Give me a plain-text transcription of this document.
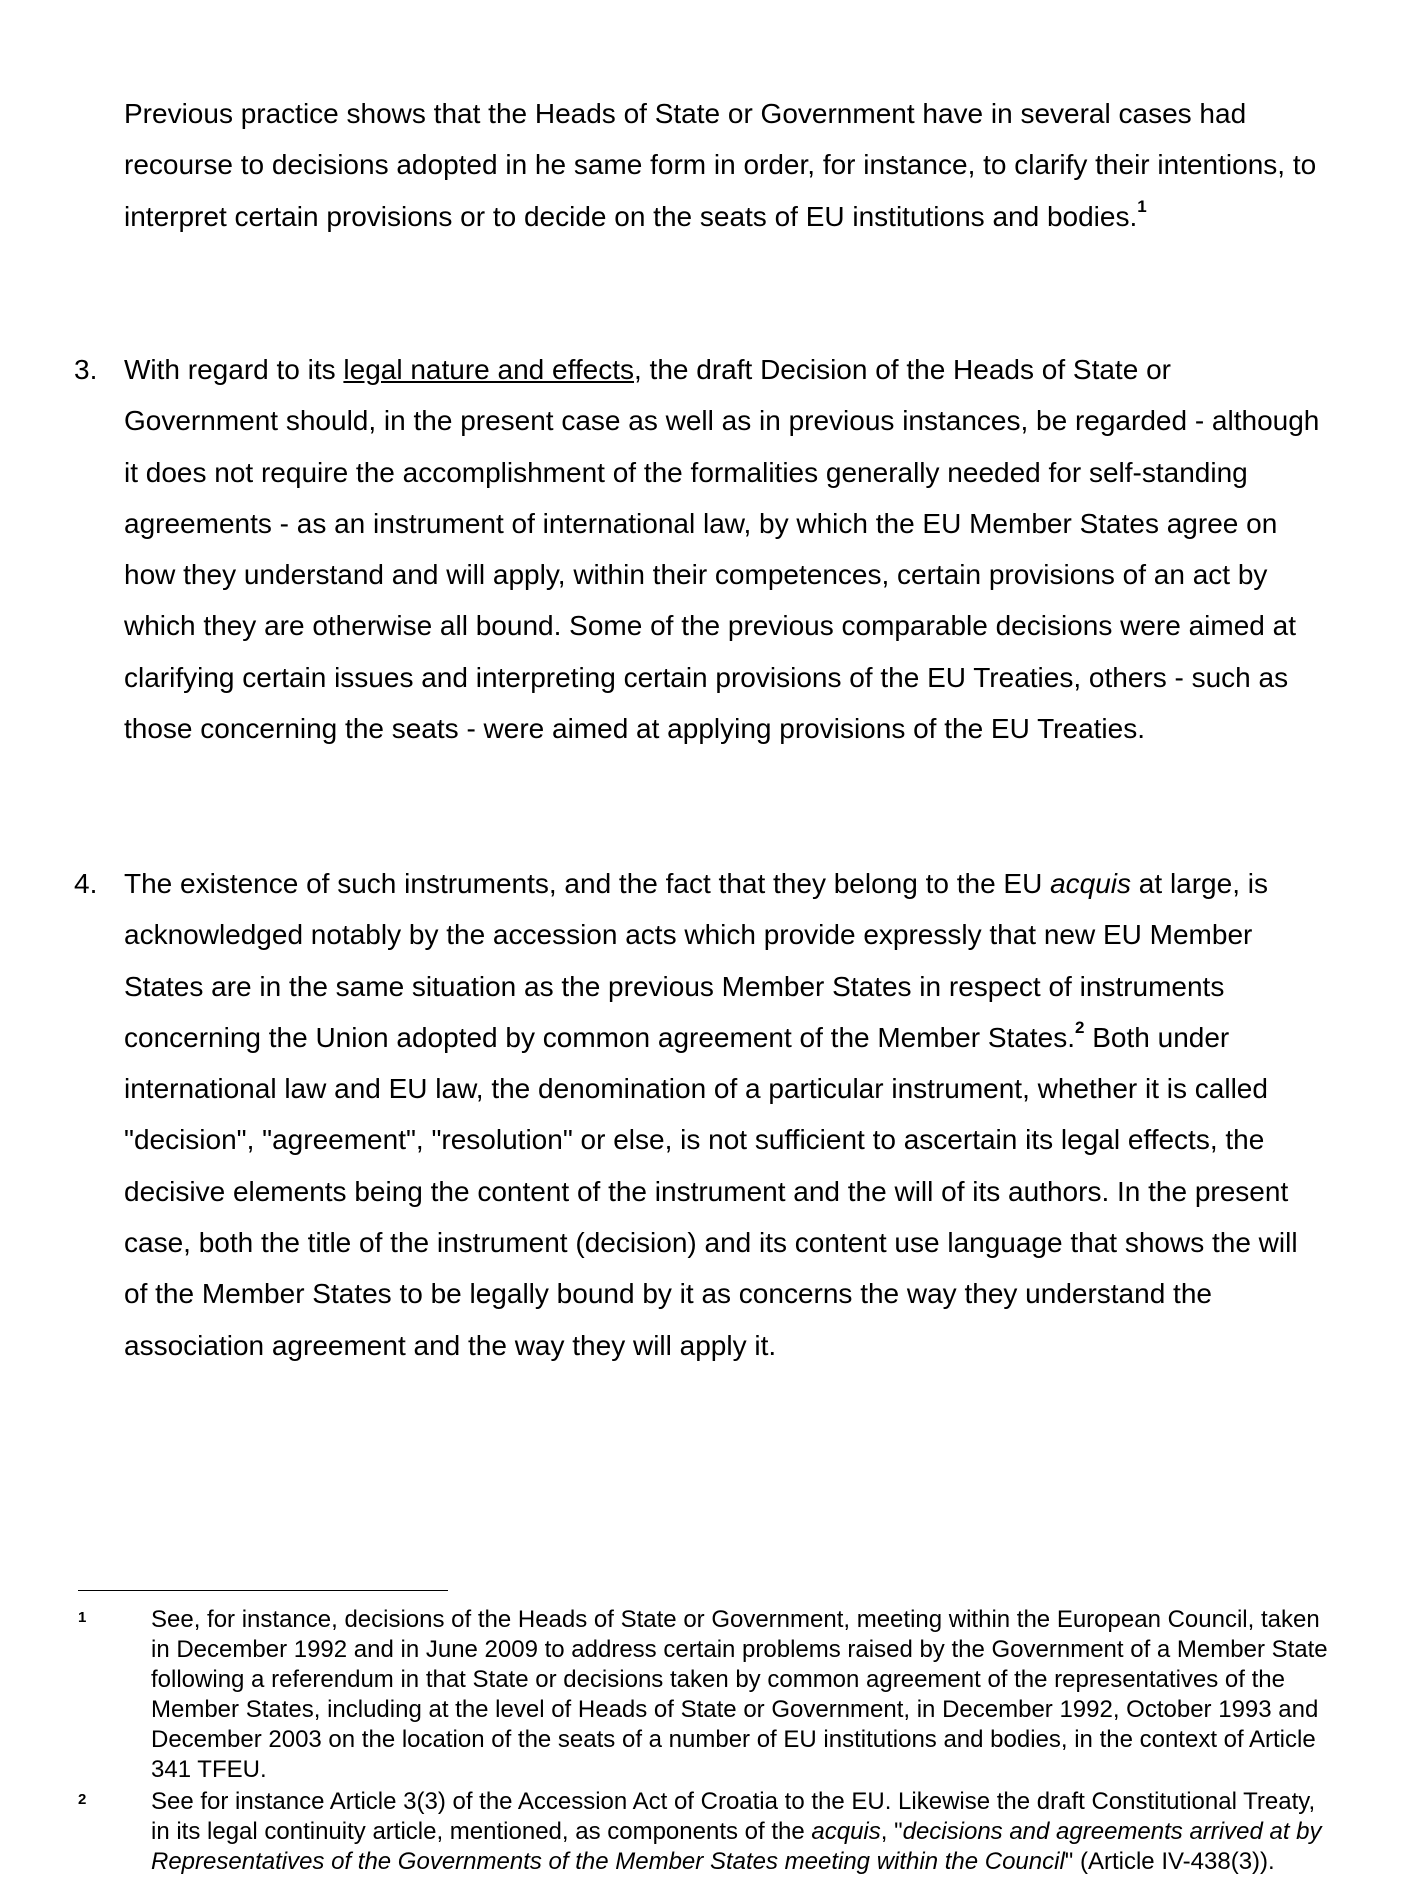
Previous practice shows that the Heads of State or Government have in several cases had recourse to decisions adopted in he same form in order, for instance, to clarify their intentions, to interpret certain provisions or to decide on the seats of EU institutions and bodies.$^1$
3. With regard to its legal nature and effects, the draft Decision of the Heads of State or Government should, in the present case as well as in previous instances, be regarded - although it does not require the accomplishment of the formalities generally needed for self-standing agreements - as an instrument of international law, by which the EU Member States agree on how they understand and will apply, within their competences, certain provisions of an act by which they are otherwise all bound. Some of the previous comparable decisions were aimed at clarifying certain issues and interpreting certain provisions of the EU Treaties, others - such as those concerning the seats - were aimed at applying provisions of the EU Treaties.
4. The existence of such instruments, and the fact that they belong to the EU acquis at large, is acknowledged notably by the accession acts which provide expressly that new EU Member States are in the same situation as the previous Member States in respect of instruments concerning the Union adopted by common agreement of the Member States.$^2$ Both under international law and EU law, the denomination of a particular instrument, whether it is called "decision", "agreement", "resolution" or else, is not sufficient to ascertain its legal effects, the decisive elements being the content of the instrument and the will of its authors. In the present case, both the title of the instrument (decision) and its content use language that shows the will of the Member States to be legally bound by it as concerns the way they understand the association agreement and the way they will apply it.
1	See, for instance, decisions of the Heads of State or Government, meeting within the European Council, taken in December 1992 and in June 2009 to address certain problems raised by the Government of a Member State following a referendum in that State or decisions taken by common agreement of the representatives of the Member States, including at the level of Heads of State or Government, in December 1992, October 1993 and December 2003 on the location of the seats of a number of EU institutions and bodies, in the context of Article 341 TFEU.
2	See for instance Article 3(3) of the Accession Act of Croatia to the EU. Likewise the draft Constitutional Treaty, in its legal continuity article, mentioned, as components of the acquis, "decisions and agreements arrived at by Representatives of the Governments of the Member States meeting within the Council" (Article IV-438(3)).
